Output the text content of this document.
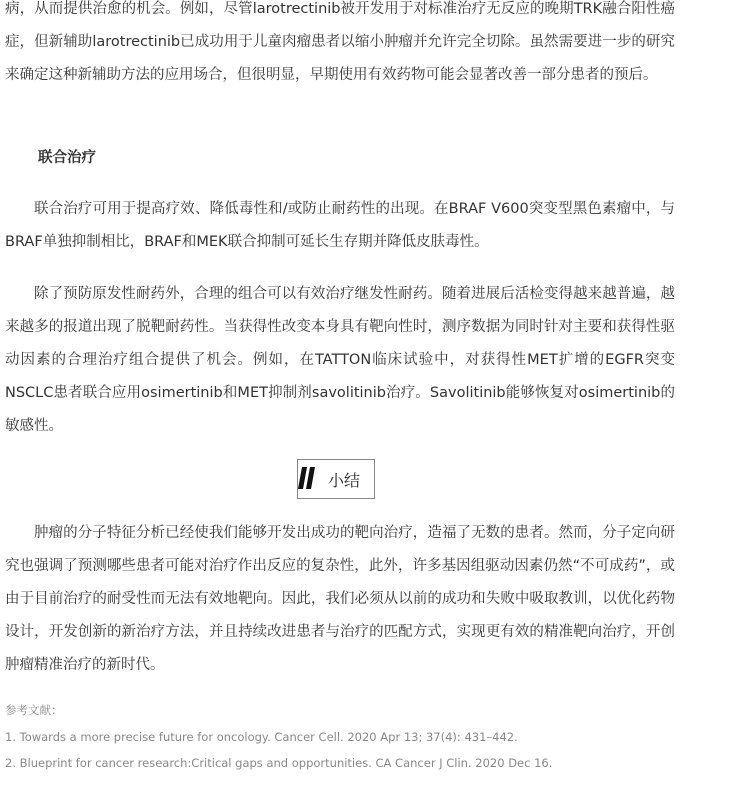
病，从而提供治愈的机会。例如，尽管larotrectinib被开发用于对标准治疗无反应的晚期TRK融合阳性癌症，但新辅助larotrectinib已成功用于儿童肉瘤患者以缩小肿瘤并允许完全切除。虽然需要进一步的研究来确定这种新辅助方法的应用场合，但很明显，早期使用有效药物可能会显著改善一部分患者的预后。

联合治疗

联合治疗可用于提高疗效、降低毒性和/或防止耐药性的出现。在BRAF V600突变型黑色素瘤中，与BRAF单独抑制相比，BRAF和MEK联合抑制可延长生存期并降低皮肤毒性。

除了预防原发性耐药外，合理的组合可以有效治疗继发性耐药。随着进展后活检变得越来越普遍，越来越多的报道出现了脱靶耐药性。当获得性改变本身具有靶向性时，测序数据为同时针对主要和获得性驱动因素的合理治疗组合提供了机会。例如，在TATTON临床试验中，对获得性MET扩增的EGFR突变NSCLC患者联合应用osimertinib和MET抑制剂savolitinib治疗。Savolitinib能够恢复对osimertinib的敏感性。

小结

肿瘤的分子特征分析已经使我们能够开发出成功的靶向治疗，造福了无数的患者。然而，分子定向研究也强调了预测哪些患者可能对治疗作出反应的复杂性，此外，许多基因组驱动因素仍然“不可成药”，或由于目前治疗的耐受性而无法有效地靶向。因此，我们必须从以前的成功和失败中吸取教训，以优化药物设计，开发创新的新治疗方法，并且持续改进患者与治疗的匹配方式，实现更有效的精准靶向治疗，开创肿瘤精准治疗的新时代。

参考文献：
1. Towards a more precise future for oncology. Cancer Cell. 2020 Apr 13; 37(4): 431–442.
2. Blueprint for cancer research:Critical gaps and opportunities. CA Cancer J Clin. 2020 Dec 16.
